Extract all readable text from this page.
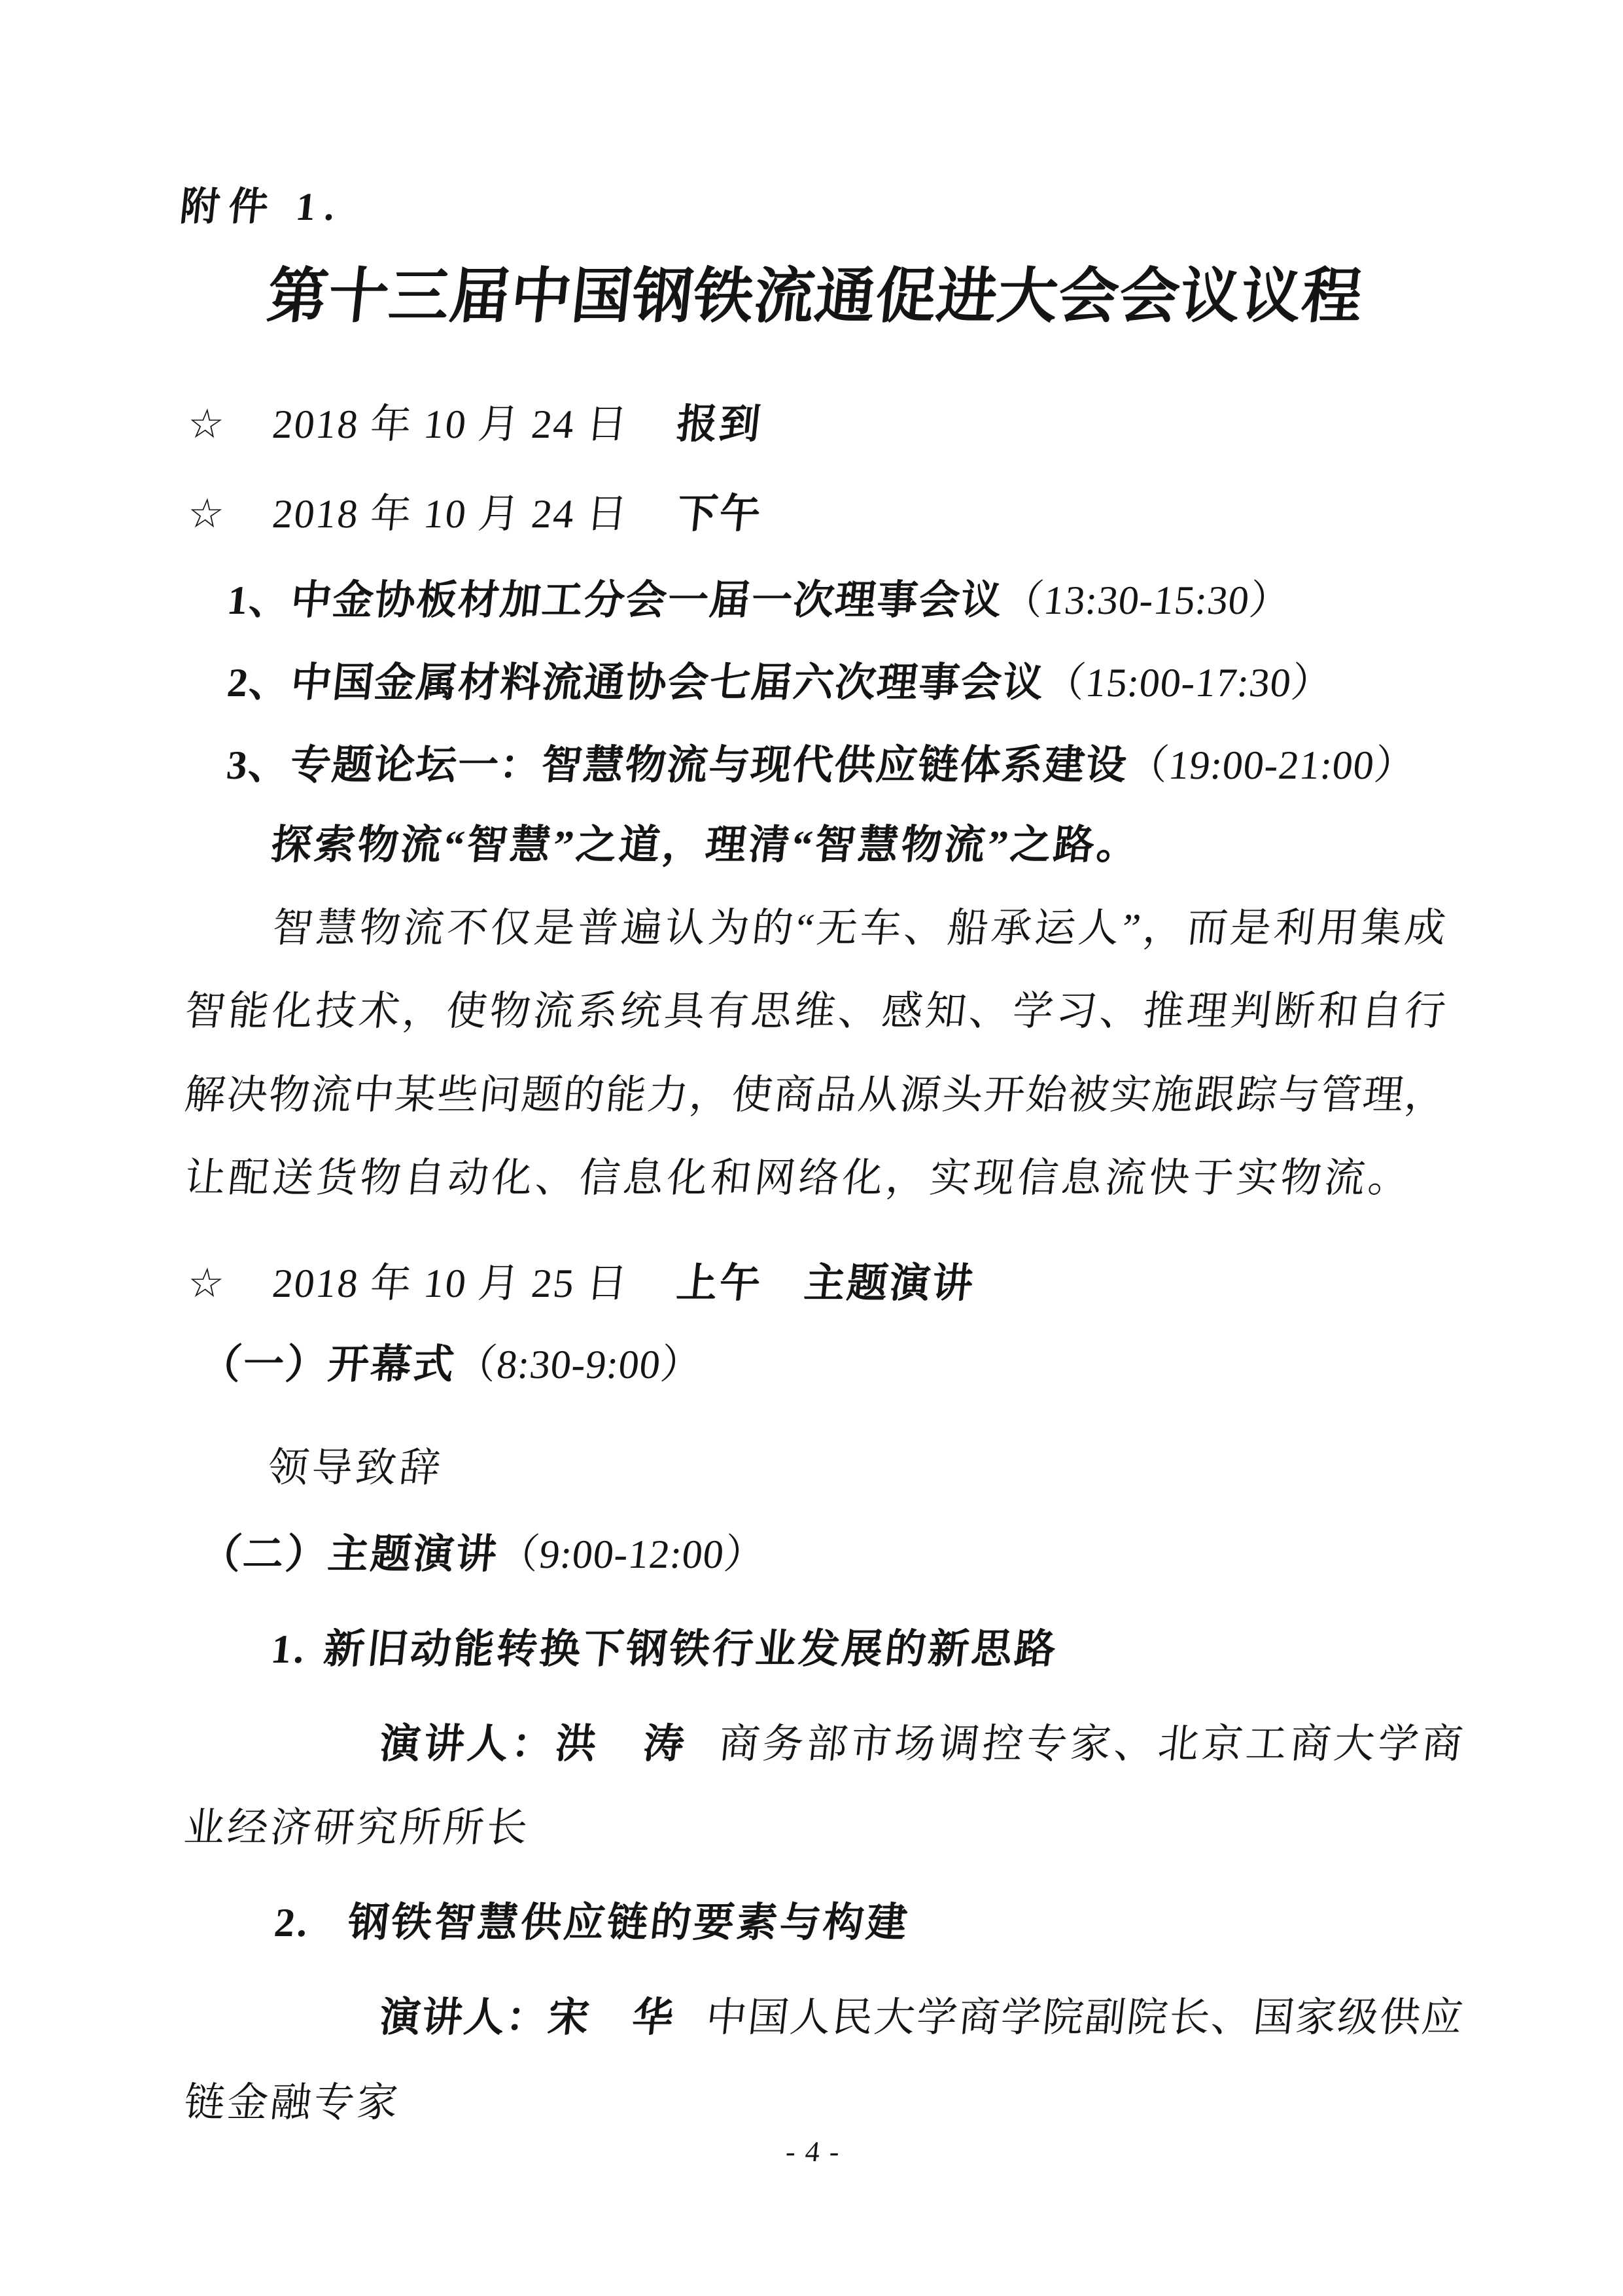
附件 1.
第十三届中国钢铁流通促进大会会议议程
☆ 2018 年 10 月 24 日 报到
☆ 2018 年 10 月 24 日 下午
1、中金协板材加工分会一届一次理事会议（13:30-15:30）
2、中国金属材料流通协会七届六次理事会议（15:00-17:30）
3、专题论坛一：智慧物流与现代供应链体系建设（19:00-21:00）
探索物流“智慧”之道，理清“智慧物流”之路。
智慧物流不仅是普遍认为的“无车、船承运人”，而是利用集成
智能化技术，使物流系统具有思维、感知、学习、推理判断和自行
解决物流中某些问题的能力，使商品从源头开始被实施跟踪与管理，
让配送货物自动化、信息化和网络化，实现信息流快于实物流。
☆ 2018 年 10 月 25 日 上午　主题演讲
（一）开幕式（8:30-9:00）
领导致辞
（二）主题演讲（9:00-12:00）
1. 新旧动能转换下钢铁行业发展的新思路
演讲人：洪　涛 商务部市场调控专家、北京工商大学商
业经济研究所所长
2. 钢铁智慧供应链的要素与构建
演讲人：宋　华 中国人民大学商学院副院长、国家级供应
链金融专家
- 4 -
